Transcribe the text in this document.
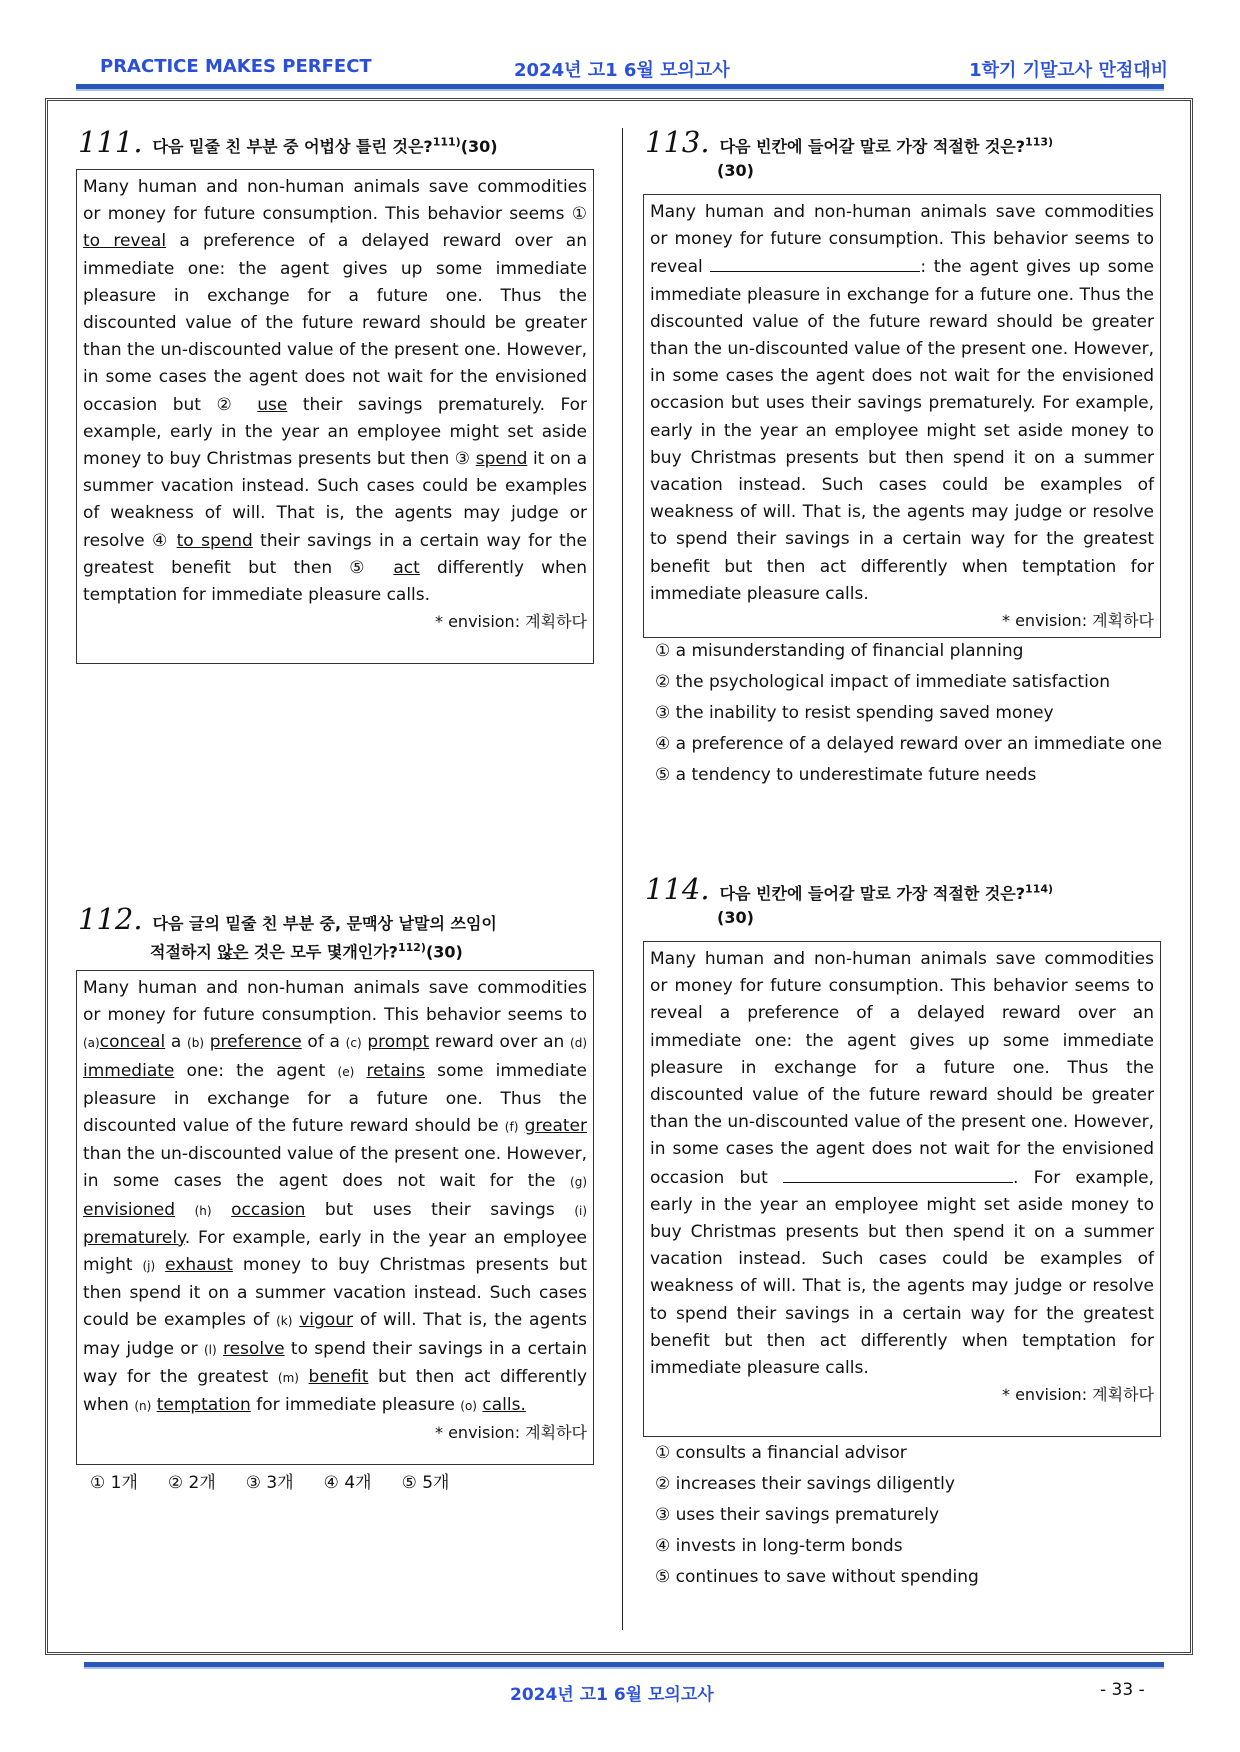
PRACTICE MAKES PERFECT	2024년 고1 6월 모의고사	1학기 기말고사 만점대비
111. 다음 밑줄 친 부분 중 어법상 틀린 것은?$^{111)}$(30)

Many human and non-human animals save commodities or money for future consumption. This behavior seems ① to reveal a preference of a delayed reward over an immediate one: the agent gives up some immediate pleasure in exchange for a future one. Thus the discounted value of the future reward should be greater than the un-discounted value of the present one. However, in some cases the agent does not wait for the envisioned occasion but ② use their savings prematurely. For example, early in the year an employee might set aside money to buy Christmas presents but then ③ spend it on a summer vacation instead. Such cases could be examples of weakness of will. That is, the agents may judge or resolve ④ to spend their savings in a certain way for the greatest benefit but then ⑤ act differently when temptation for immediate pleasure calls.

* envision: 계획하다
112. 다음 글의 밑줄 친 부분 중, 문맥상 낱말의 쓰임이
적절하지 않은 것은 모두 몇개인가?$^{112)}$(30)

Many human and non-human animals save commodities or money for future consumption. This behavior seems to (a)conceal a (b) preference of a (c) prompt reward over an (d) immediate one: the agent (e) retains some immediate pleasure in exchange for a future one. Thus the discounted value of the future reward should be (f) greater than the un-discounted value of the present one. However, in some cases the agent does not wait for the (g) envisioned (h) occasion but uses their savings (i) prematurely. For example, early in the year an employee might (j) exhaust money to buy Christmas presents but then spend it on a summer vacation instead. Such cases could be examples of (k) vigour of will. That is, the agents may judge or (l) resolve to spend their savings in a certain way for the greatest (m) benefit but then act differently when (n) temptation for immediate pleasure (o) calls.

* envision: 계획하다
① 1개 ② 2개 ③ 3개 ④ 4개 ⑤ 5개
113. 다음 빈칸에 들어갈 말로 가장 적절한 것은?$^{113)}$
(30)

Many human and non-human animals save commodities or money for future consumption. This behavior seems to reveal	: the agent gives up some immediate pleasure in exchange for a future one. Thus the discounted value of the future reward should be greater than the un-discounted value of the present one. However, in some cases the agent does not wait for the envisioned occasion but uses their savings prematurely. For example, early in the year an employee might set aside money to buy Christmas presents but then spend it on a summer vacation instead. Such cases could be examples of weakness of will. That is, the agents may judge or resolve to spend their savings in a certain way for the greatest benefit but then act differently when temptation for immediate pleasure calls.

* envision: 계획하다
① a misunderstanding of financial planning
② the psychological impact of immediate satisfaction
③ the inability to resist spending saved money
④ a preference of a delayed reward over an immediate one
⑤ a tendency to underestimate future needs
114. 다음 빈칸에 들어갈 말로 가장 적절한 것은?$^{114)}$
(30)

Many human and non-human animals save commodities or money for future consumption. This behavior seems to reveal a preference of a delayed reward over an immediate one: the agent gives up some immediate pleasure in exchange for a future one. Thus the discounted value of the future reward should be greater than the un-discounted value of the present one. However, in some cases the agent does not wait for the envisioned occasion but	. For example, early in the year an employee might set aside money to buy Christmas presents but then spend it on a summer vacation instead. Such cases could be examples of weakness of will. That is, the agents may judge or resolve to spend their savings in a certain way for the greatest benefit but then act differently when temptation for immediate pleasure calls.

* envision: 계획하다
① consults a financial advisor
② increases their savings diligently
③ uses their savings prematurely
④ invests in long-term bonds
⑤ continues to save without spending
2024년 고1 6월 모의고사	- 33 -
